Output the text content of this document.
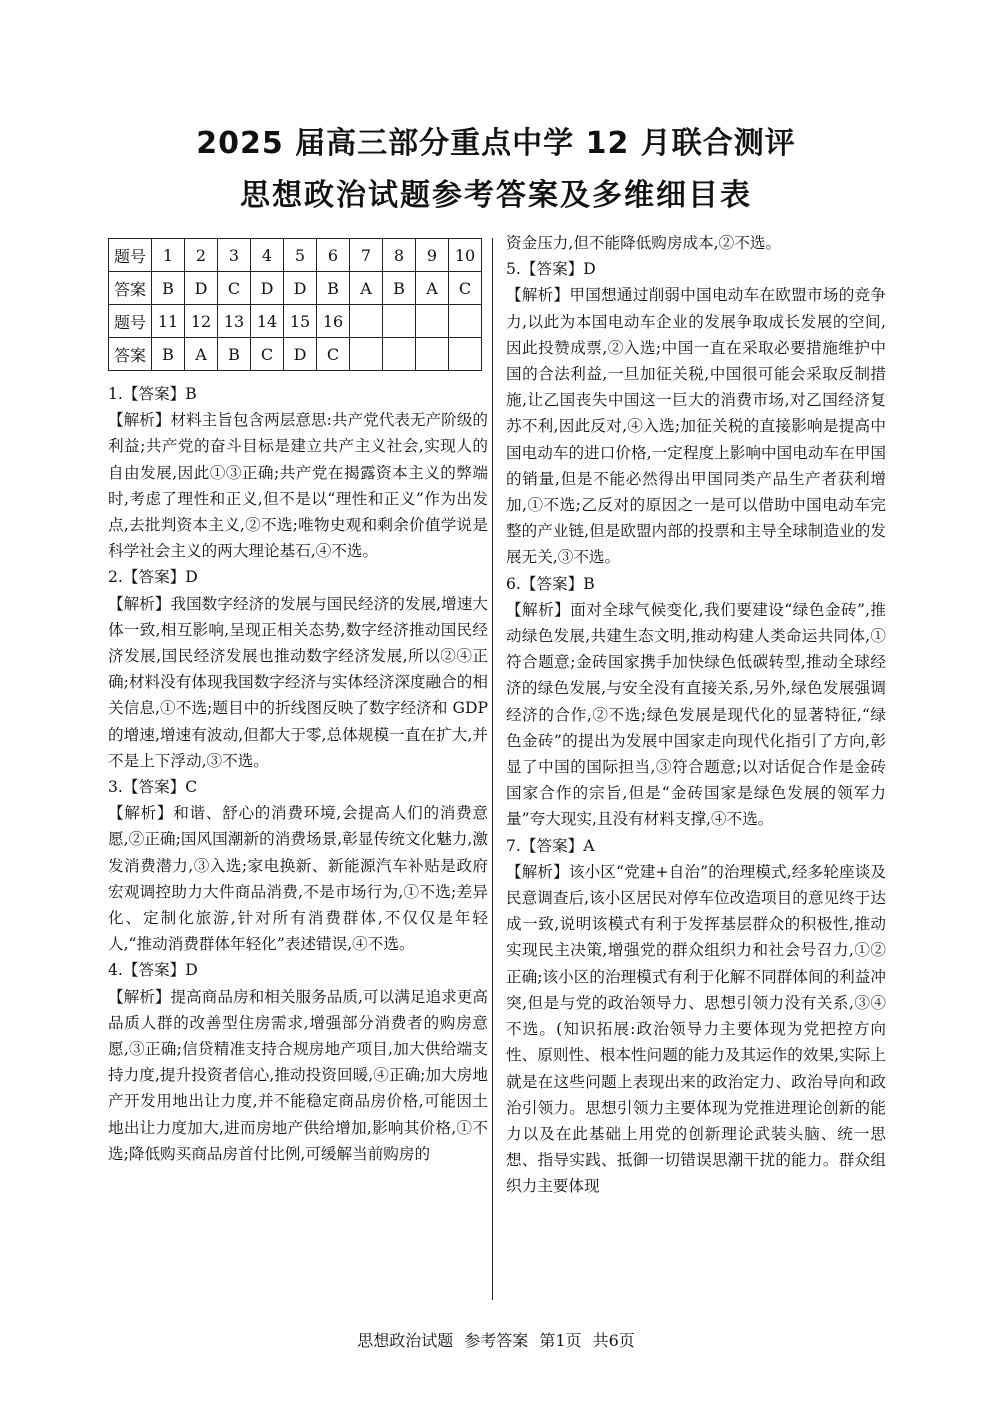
2025 届高三部分重点中学 12 月联合测评
思想政治试题参考答案及多维细目表
题号	1	2	3	4	5	6	7	8	9	10
答案	B	D	C	D	D	B	A	B	A	C
题号	11	12	13	14	15	16				
答案	B	A	B	C	D	C				

1.【答案】B

【解析】材料主旨包含两层意思:共产党代表无产阶级的利益;共产党的奋斗目标是建立共产主义社会,实现人的自由发展,因此①③正确;共产党在揭露资本主义的弊端时,考虑了理性和正义,但不是以“理性和正义”作为出发点,去批判资本主义,②不选;唯物史观和剩余价值学说是科学社会主义的两大理论基石,④不选。

2.【答案】D

【解析】我国数字经济的发展与国民经济的发展,增速大体一致,相互影响,呈现正相关态势,数字经济推动国民经济发展,国民经济发展也推动数字经济发展,所以②④正确;材料没有体现我国数字经济与实体经济深度融合的相关信息,①不选;题目中的折线图反映了数字经济和 GDP 的增速,增速有波动,但都大于零,总体规模一直在扩大,并不是上下浮动,③不选。

3.【答案】C

【解析】和谐、舒心的消费环境,会提高人们的消费意愿,②正确;国风国潮新的消费场景,彰显传统文化魅力,激发消费潜力,③入选;家电换新、新能源汽车补贴是政府宏观调控助力大件商品消费,不是市场行为,①不选;差异化、定制化旅游,针对所有消费群体,不仅仅是年轻人,“推动消费群体年轻化”表述错误,④不选。

4.【答案】D

【解析】提高商品房和相关服务品质,可以满足追求更高品质人群的改善型住房需求,增强部分消费者的购房意愿,③正确;信贷精准支持合规房地产项目,加大供给端支持力度,提升投资者信心,推动投资回暖,④正确;加大房地产开发用地出让力度,并不能稳定商品房价格,可能因土地出让力度加大,进而房地产供给增加,影响其价格,①不选;降低购买商品房首付比例,可缓解当前购房的

资金压力,但不能降低购房成本,②不选。

5.【答案】D

【解析】甲国想通过削弱中国电动车在欧盟市场的竞争力,以此为本国电动车企业的发展争取成长发展的空间,因此投赞成票,②入选;中国一直在采取必要措施维护中国的合法利益,一旦加征关税,中国很可能会采取反制措施,让乙国丧失中国这一巨大的消费市场,对乙国经济复苏不利,因此反对,④入选;加征关税的直接影响是提高中国电动车的进口价格,一定程度上影响中国电动车在甲国的销量,但是不能必然得出甲国同类产品生产者获利增加,①不选;乙反对的原因之一是可以借助中国电动车完整的产业链,但是欧盟内部的投票和主导全球制造业的发展无关,③不选。

6.【答案】B

【解析】面对全球气候变化,我们要建设“绿色金砖”,推动绿色发展,共建生态文明,推动构建人类命运共同体,①符合题意;金砖国家携手加快绿色低碳转型,推动全球经济的绿色发展,与安全没有直接关系,另外,绿色发展强调经济的合作,②不选;绿色发展是现代化的显著特征,“绿色金砖”的提出为发展中国家走向现代化指引了方向,彰显了中国的国际担当,③符合题意;以对话促合作是金砖国家合作的宗旨,但是“金砖国家是绿色发展的领军力量”夸大现实,且没有材料支撑,④不选。

7.【答案】A

【解析】该小区“党建+自治”的治理模式,经多轮座谈及民意调查后,该小区居民对停车位改造项目的意见终于达成一致,说明该模式有利于发挥基层群众的积极性,推动实现民主决策,增强党的群众组织力和社会号召力,①②正确;该小区的治理模式有利于化解不同群体间的利益冲突,但是与党的政治领导力、思想引领力没有关系,③④不选。(知识拓展:政治领导力主要体现为党把控方向性、原则性、根本性问题的能力及其运作的效果,实际上就是在这些问题上表现出来的政治定力、政治导向和政治引领力。思想引领力主要体现为党推进理论创新的能力以及在此基础上用党的创新理论武装头脑、统一思想、指导实践、抵御一切错误思潮干扰的能力。群众组织力主要体现

思想政治试题 参考答案 第1页 共6页
